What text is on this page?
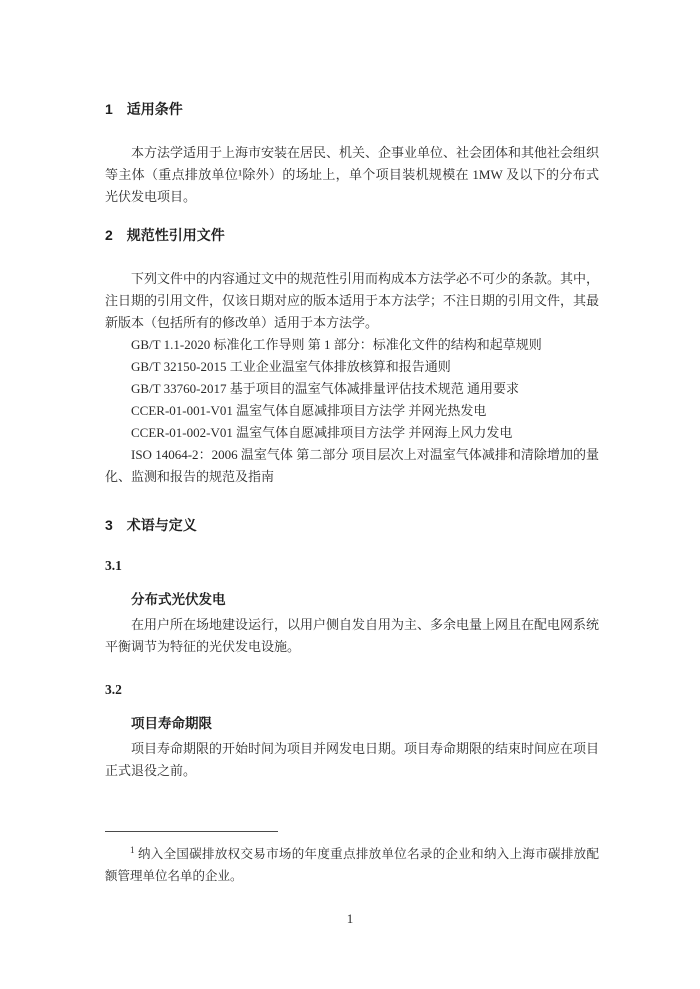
1 适用条件

本方法学适用于上海市安装在居民、机关、企事业单位、社会团体和其他社会组织等主体（重点排放单位¹除外）的场址上，单个项目装机规模在 1MW 及以下的分布式光伏发电项目。

2 规范性引用文件

下列文件中的内容通过文中的规范性引用而构成本方法学必不可少的条款。其中，注日期的引用文件，仅该日期对应的版本适用于本方法学；不注日期的引用文件，其最新版本（包括所有的修改单）适用于本方法学。

GB/T 1.1-2020 标准化工作导则 第 1 部分：标准化文件的结构和起草规则

GB/T 32150-2015 工业企业温室气体排放核算和报告通则

GB/T 33760-2017 基于项目的温室气体减排量评估技术规范 通用要求

CCER-01-001-V01 温室气体自愿减排项目方法学 并网光热发电

CCER-01-002-V01 温室气体自愿减排项目方法学 并网海上风力发电

ISO 14064-2：2006 温室气体 第二部分 项目层次上对温室气体减排和清除增加的量化、监测和报告的规范及指南

3 术语与定义

3.1

分布式光伏发电

在用户所在场地建设运行，以用户侧自发自用为主、多余电量上网且在配电网系统平衡调节为特征的光伏发电设施。

3.2

项目寿命期限

项目寿命期限的开始时间为项目并网发电日期。项目寿命期限的结束时间应在项目正式退役之前。

$^1$ 纳入全国碳排放权交易市场的年度重点排放单位名录的企业和纳入上海市碳排放配额管理单位名单的企业。

1
